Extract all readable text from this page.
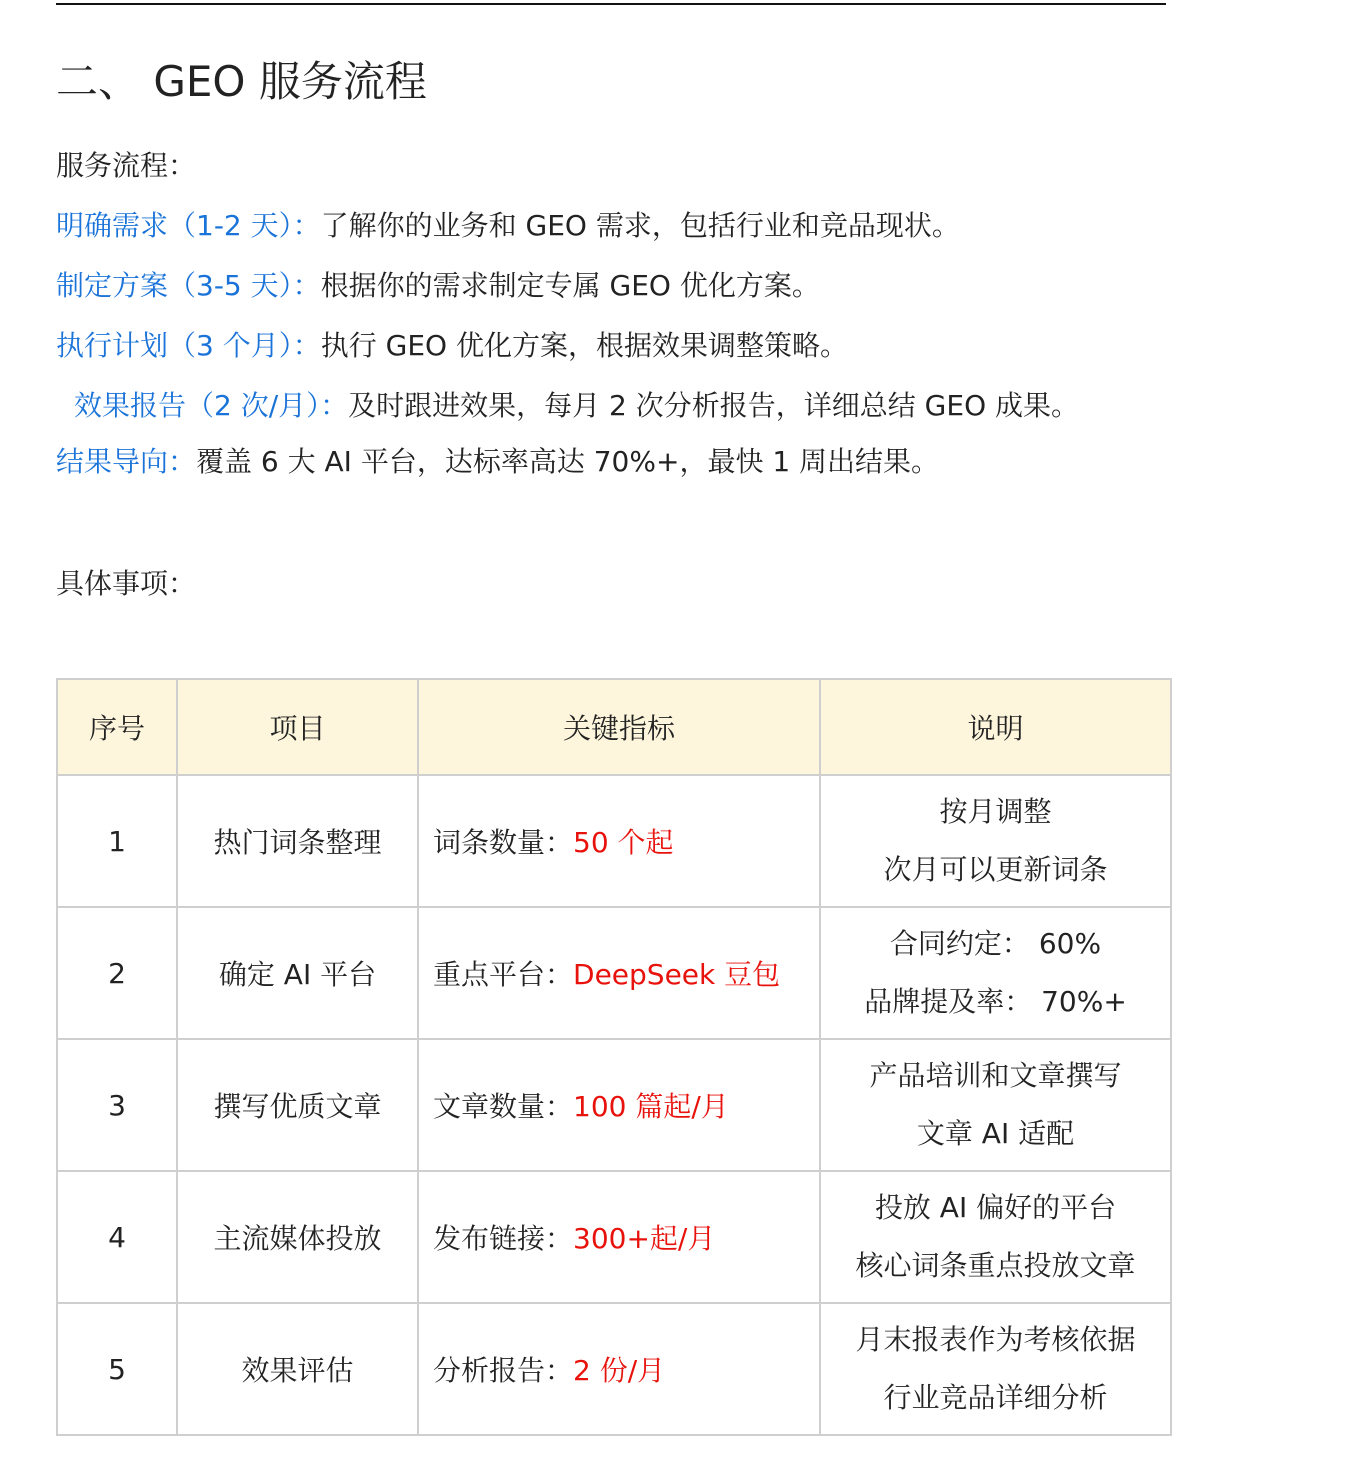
二、 GEO 服务流程
服务流程：
明确需求（1-2 天）：了解你的业务和 GEO 需求，包括行业和竞品现状。
制定方案（3-5 天）：根据你的需求制定专属 GEO 优化方案。
执行计划（3 个月）：执行 GEO 优化方案，根据效果调整策略。
效果报告（2 次/月）：及时跟进效果，每月 2 次分析报告，详细总结 GEO 成果。
结果导向：覆盖 6 大 AI 平台，达标率高达 70%+，最快 1 周出结果。
具体事项：
序号	项目	关键指标	说明
1	热门词条整理	词条数量：50 个起	按月调整
次月可以更新词条

2	确定 AI 平台	重点平台：DeepSeek 豆包	合同约定： 60%
品牌提及率： 70%+

3	撰写优质文章	文章数量：100 篇起/月	产品培训和文章撰写
文章 AI 适配

4	主流媒体投放	发布链接：300+起/月	投放 AI 偏好的平台
核心词条重点投放文章

5	效果评估	分析报告：2 份/月	月末报表作为考核依据
行业竞品详细分析
